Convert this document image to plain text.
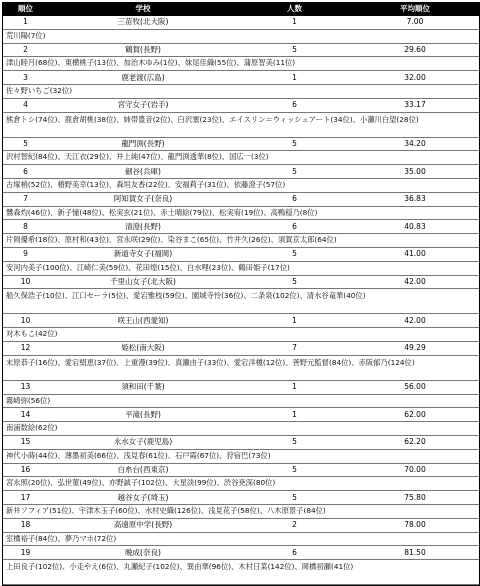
順位	学校	人数	平均順位
1	三苗牧(北大阪)	1	7.00
荒川陽(7位)
2	鶴賀(長野)	5	29.60
津山睦月(68位)、東横桃子(13位)、加治木ゆみ(1位)、妹尾佳織(55位)、蒲原智美(11位)
3	鹿老渡(広島)	1	32.00
佐々野いちご(32位)
4	宮守女子(岩手)	6	33.17
熊倉トシ(74位)、鹿倉胡桃(38位)、姉帯豊音(2位)、臼沢塞(23位)、エイスリン＝ウィッシュアート(34位)、小瀬川白望(28位)
5	龍門渕(長野)	5	34.20
沢村智紀(84位)、天江衣(29位)、井上純(47位)、龍門渕透華(8位)、国広一(3位)
6	劒谷(兵庫)	5	35.00
古塚梢(52位)、椿野美幸(13位)、森垣友香(22位)、安福莉子(31位)、依藤澄子(57位)
7	阿知賀女子(奈良)	6	36.83
鷺森灼(46位)、新子憧(48位)、松実玄(21位)、赤土晴絵(79位)、松実宥(19位)、高鴨穏乃(8位)
8	清澄(長野)	6	40.83
片岡優希(18位)、原村和(43位)、宮永咲(29位)、染谷まこ(65位)、竹井久(26位)、須賀京太郎(64位)
9	新道寺女子(福岡)	5	41.00
安河内美子(100位)、江崎仁美(59位)、花田煌(15位)、白水哩(23位)、鶴田姫子(17位)
10	千里山女子(北大阪)	5	42.00
船久保浩子(10位)、江口セーラ(5位)、愛宕雅枝(59位)、園城寺怜(36位)、二条泉(102位)、清水谷竜華(40位)
10	咲王山(西愛知)	1	42.00
対木もこ(42位)
12	姫松(南大阪)	7	49.29
末原恭子(16位)、愛宕絹恵(37位)、上重漫(39位)、真瀬由子(33位)、愛宕洋榎(12位)、善野元監督(84位)、赤阪郁乃(124位)
13	須和田(千葉)	1	56.00
霧崎弥(56位)
14	平滝(長野)	1	62.00
南浦数絵(62位)
15	永水女子(鹿児島)	5	62.20
神代小蒔(44位)、薄墨初美(66位)、浅見春(61位)、石戸霞(67位)、狩宿巴(73位)
16	白糸台(西東京)	5	70.00
宮永照(20位)、弘世菫(49位)、亦野誠子(102位)、大星淡(99位)、渋谷尭深(80位)
17	越谷女子(埼玉)	5	75.80
新井ソフィア(51位)、宇津木玉子(60位)、水村史織(126位)、浅見花子(58位)、八木原景子(84位)
18	高遠原中学(長野)	2	78.00
室橋裕子(84位)、夢乃マホ(72位)
19	晩成(奈良)	6	81.50
上田良子(102位)、小走やえ(6位)、丸瀬紀子(102位)、巽由華(96位)、木村日菜(142位)、岡橋初瀬(41位)
